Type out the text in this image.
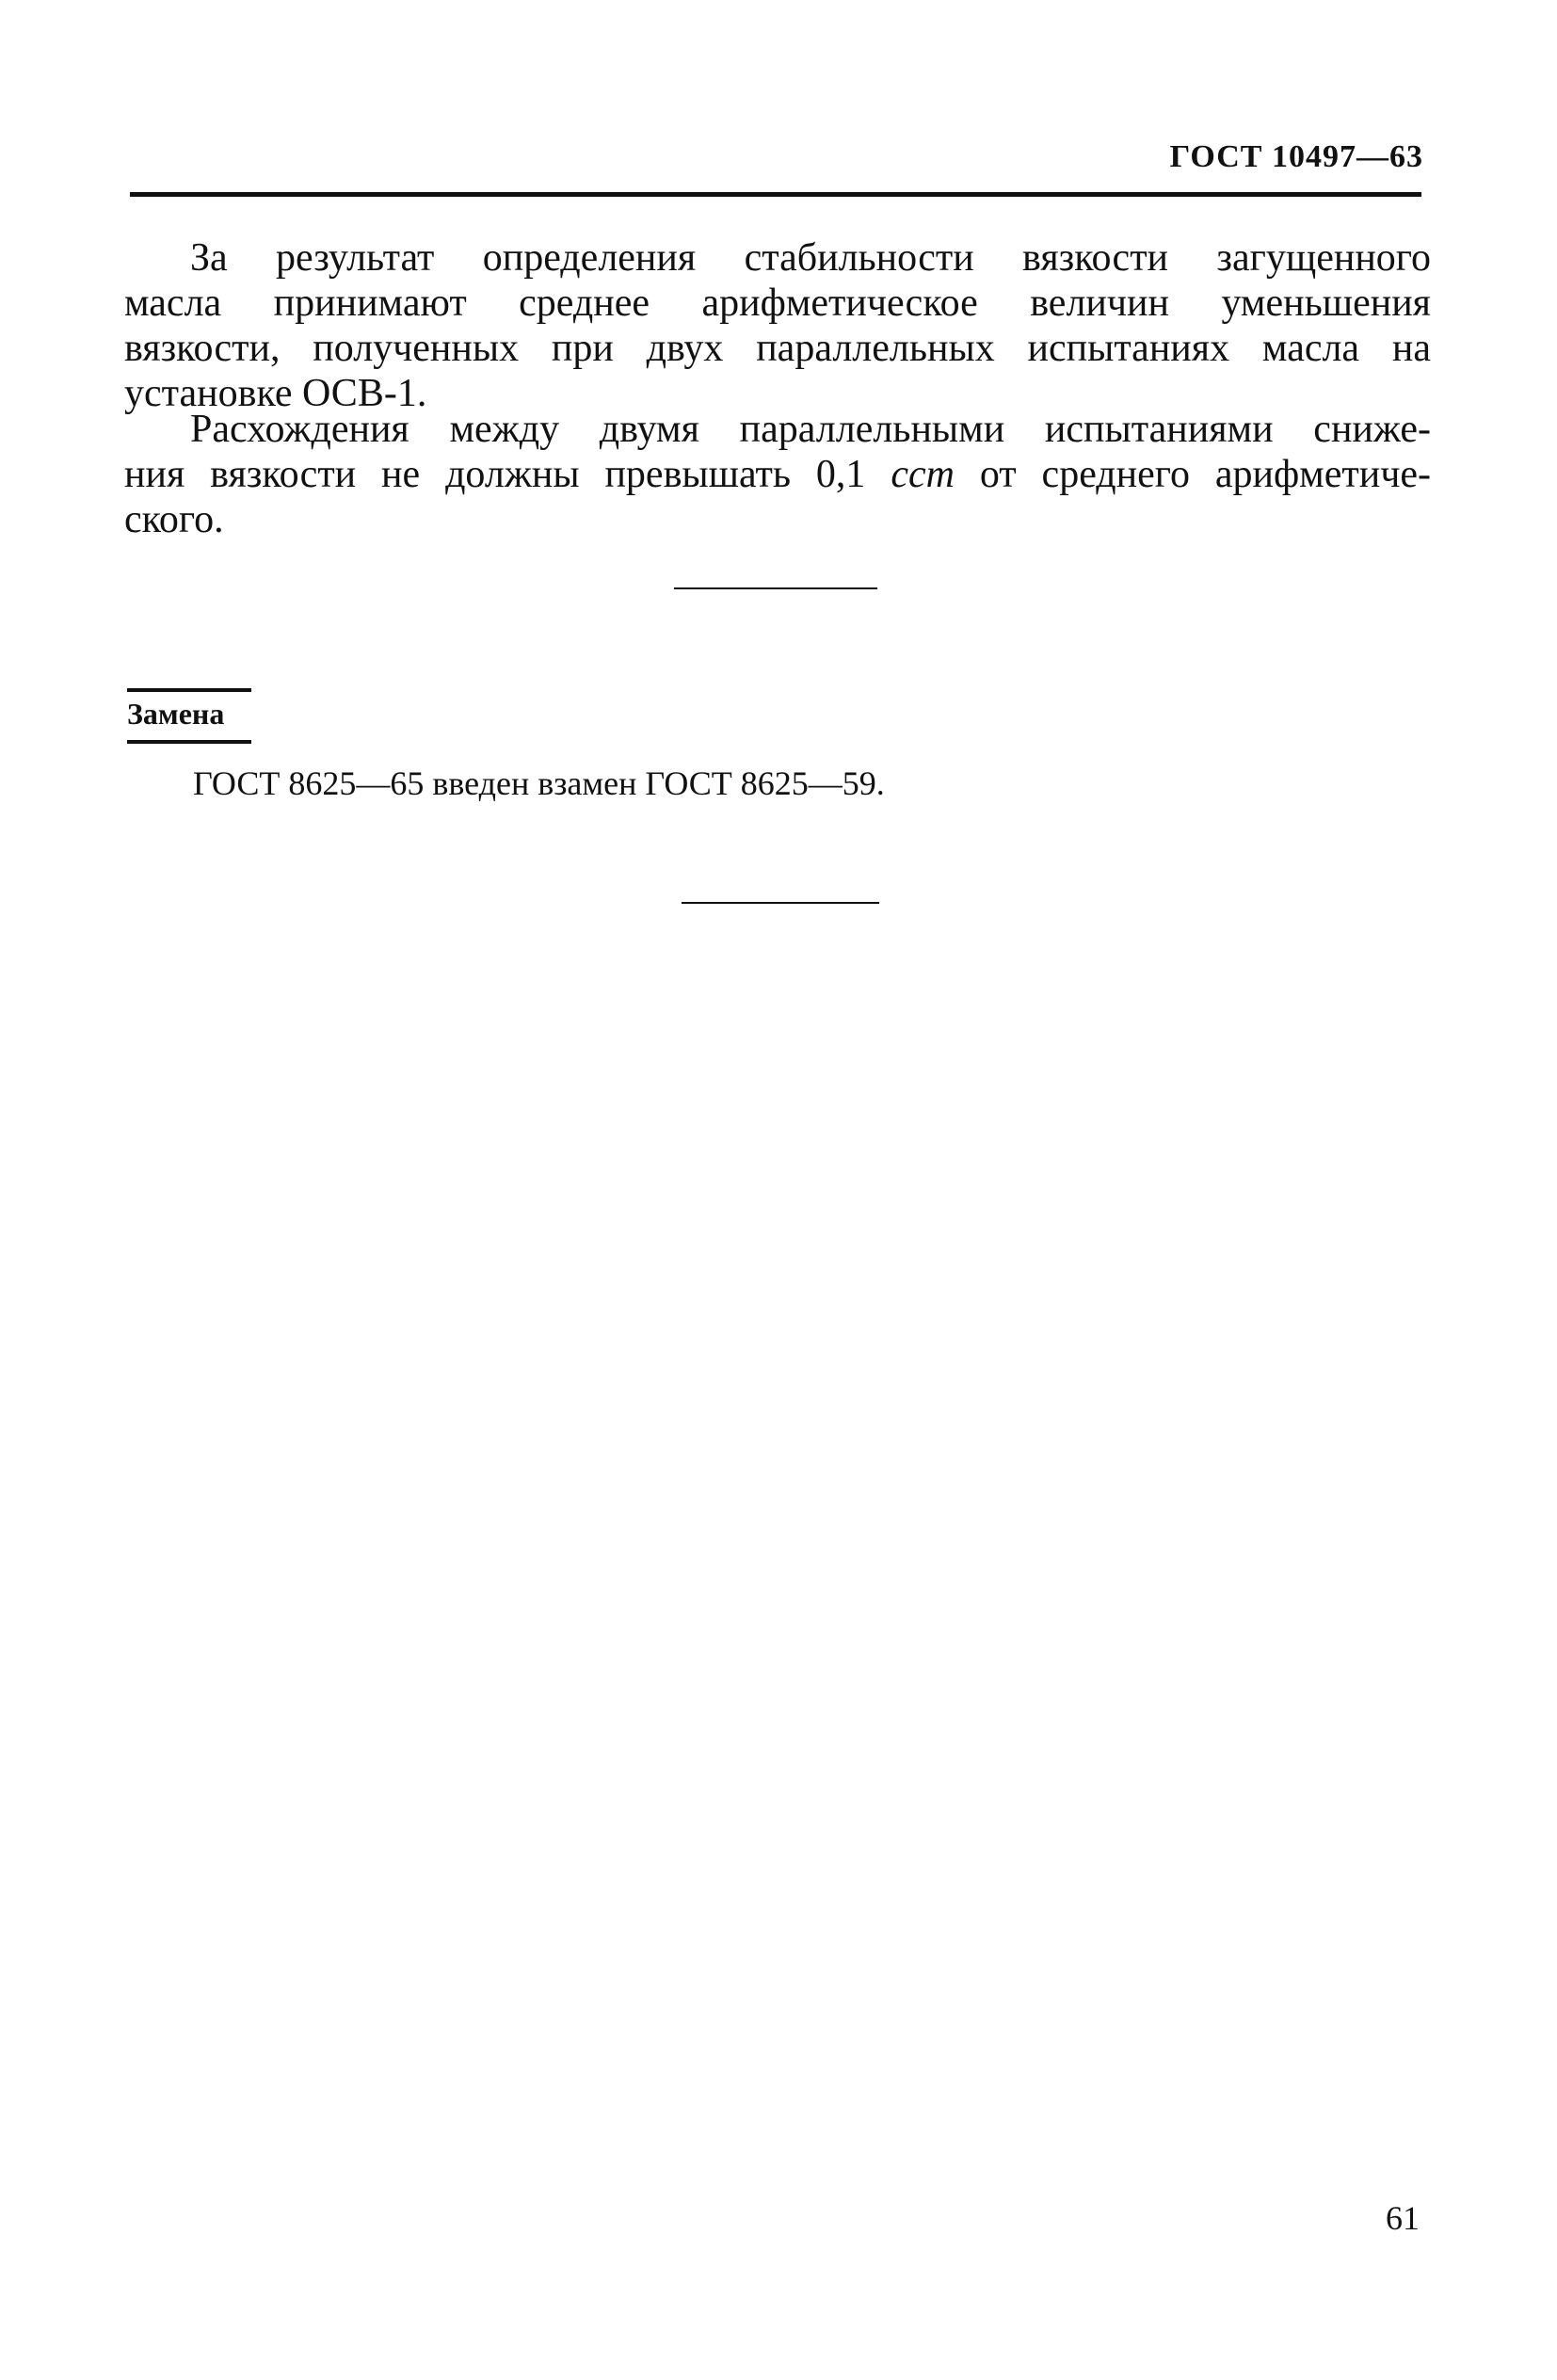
ГОСТ 10497—63
За результат определения стабильности вязкости загущенного
масла принимают среднее арифметическое величин уменьшения
вязкости, полученных при двух параллельных испытаниях масла на
установке ОСВ-1.
Расхождения между двумя параллельными испытаниями сниже-
ния вязкости не должны превышать 0,1 сст от среднего арифметиче-
ского.
Замена
ГОСТ 8625—65 введен взамен ГОСТ 8625—59.
61
